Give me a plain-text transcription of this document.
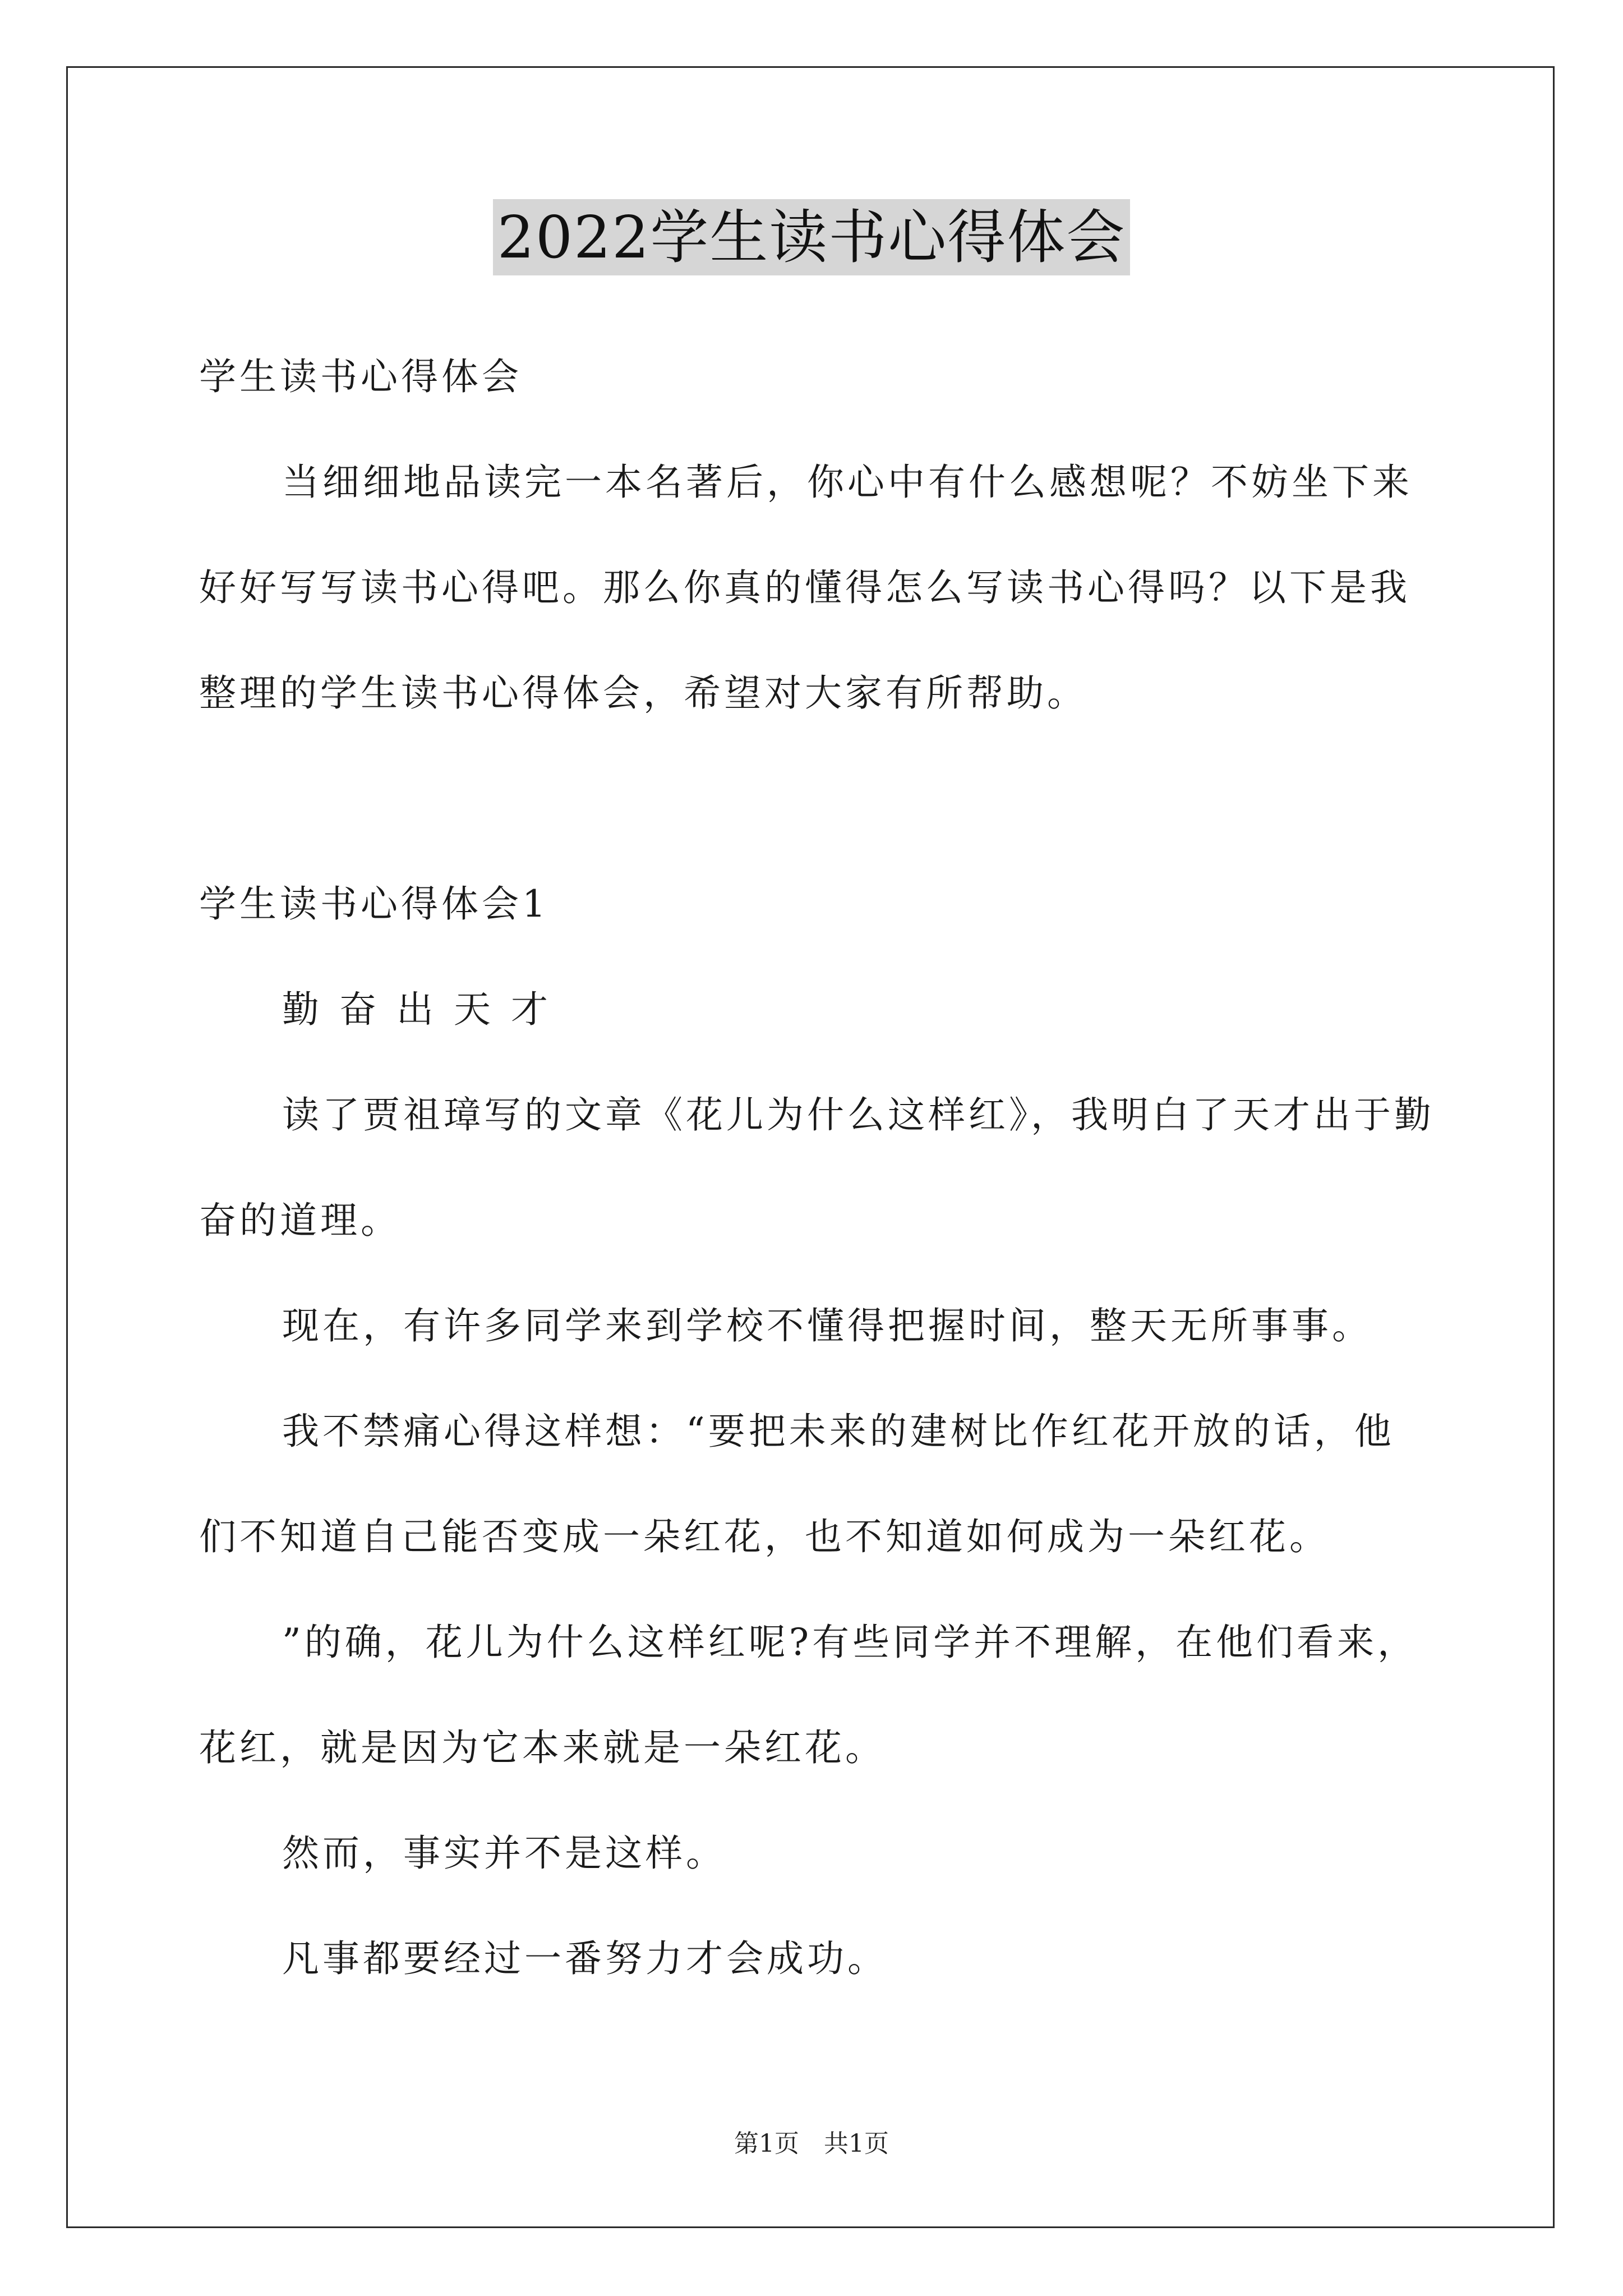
2022学生读书心得体会
学生读书心得体会
当细细地品读完一本名著后，你心中有什么感想呢？不妨坐下来
好好写写读书心得吧。那么你真的懂得怎么写读书心得吗？以下是我
整理的学生读书心得体会，希望对大家有所帮助。
学生读书心得体会1
勤奋出天才
读了贾祖璋写的文章《花儿为什么这样红》，我明白了天才出于勤
奋的道理。
现在，有许多同学来到学校不懂得把握时间，整天无所事事。
我不禁痛心得这样想：“要把未来的建树比作红花开放的话，他
们不知道自己能否变成一朵红花，也不知道如何成为一朵红花。
”的确，花儿为什么这样红呢?有些同学并不理解，在他们看来，
花红，就是因为它本来就是一朵红花。
然而，事实并不是这样。
凡事都要经过一番努力才会成功。
第1页 共1页
